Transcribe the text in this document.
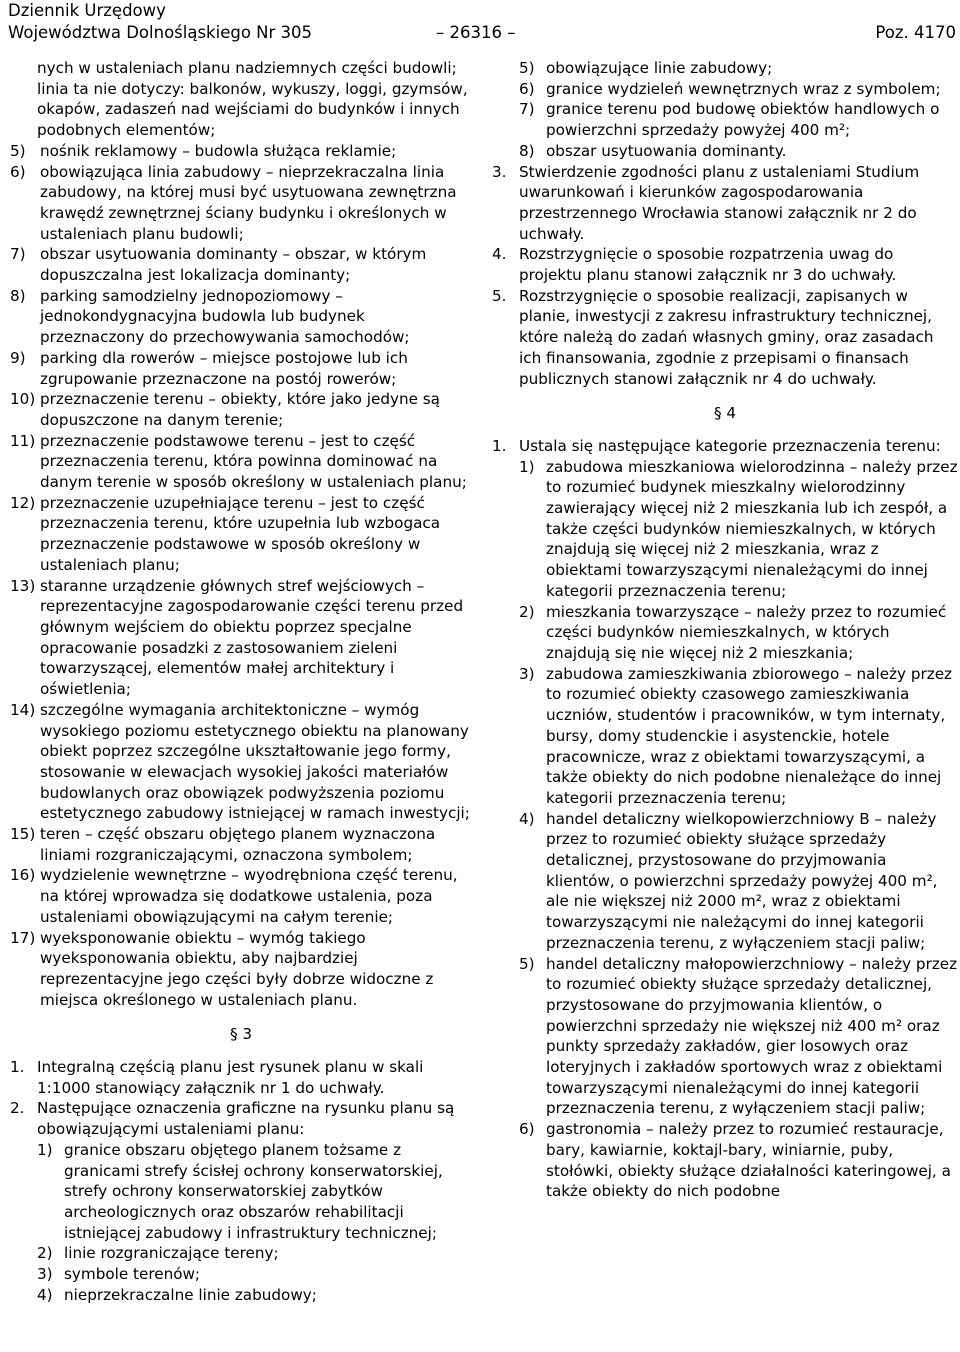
Dziennik Urzędowy
Województwa Dolnośląskiego Nr 305	Poz. 4170
– 26316 –

nych w ustaleniach planu nadziemnych części budowli; linia ta nie dotyczy: balkonów, wykuszy, loggi, gzymsów, okapów, zadaszeń nad wejściami do budynków i innych podobnych elementów;

5) nośnik reklamowy – budowla służąca reklamie;
6) obowiązująca linia zabudowy – nieprzekraczalna linia zabudowy, na której musi być usytuowana zewnętrzna krawędź zewnętrznej ściany budynku i określonych w ustaleniach planu budowli;
7) obszar usytuowania dominanty – obszar, w którym dopuszczalna jest lokalizacja dominanty;
8) parking samodzielny jednopoziomowy – jednokondygnacyjna budowla lub budynek przeznaczony do przechowywania samochodów;
9) parking dla rowerów – miejsce postojowe lub ich zgrupowanie przeznaczone na postój rowerów;
10) przeznaczenie terenu – obiekty, które jako jedyne są dopuszczone na danym terenie;
11) przeznaczenie podstawowe terenu – jest to część przeznaczenia terenu, która powinna dominować na danym terenie w sposób określony w ustaleniach planu;
12) przeznaczenie uzupełniające terenu – jest to część przeznaczenia terenu, które uzupełnia lub wzbogaca przeznaczenie podstawowe w sposób określony w ustaleniach planu;
13) staranne urządzenie głównych stref wejściowych – reprezentacyjne zagospodarowanie części terenu przed głównym wejściem do obiektu poprzez specjalne opracowanie posadzki z zastosowaniem zieleni towarzyszącej, elementów małej architektury i oświetlenia;
14) szczególne wymagania architektoniczne – wymóg wysokiego poziomu estetycznego obiektu na planowany obiekt poprzez szczególne ukształtowanie jego formy, stosowanie w elewacjach wysokiej jakości materiałów budowlanych oraz obowiązek podwyższenia poziomu estetycznego zabudowy istniejącej w ramach inwestycji;
15) teren – część obszaru objętego planem wyznaczona liniami rozgraniczającymi, oznaczona symbolem;
16) wydzielenie wewnętrzne – wyodrębniona część terenu, na której wprowadza się dodatkowe ustalenia, poza ustaleniami obowiązującymi na całym terenie;
17) wyeksponowanie obiektu – wymóg takiego wyeksponowania obiektu, aby najbardziej reprezentacyjne jego części były dobrze widoczne z miejsca określonego w ustaleniach planu.
§ 3
1. Integralną częścią planu jest rysunek planu w skali 1:1000 stanowiący załącznik nr 1 do uchwały.
2. Następujące oznaczenia graficzne na rysunku planu są obowiązującymi ustaleniami planu:
1) granice obszaru objętego planem tożsame z granicami strefy ścisłej ochrony konserwatorskiej, strefy ochrony konserwatorskiej zabytków archeologicznych oraz obszarów rehabilitacji istniejącej zabudowy i infrastruktury technicznej;
2) linie rozgraniczające tereny;
3) symbole terenów;
4) nieprzekraczalne linie zabudowy;
5) obowiązujące linie zabudowy;
6) granice wydzieleń wewnętrznych wraz z symbolem;
7) granice terenu pod budowę obiektów handlowych o powierzchni sprzedaży powyżej 400 m²;
8) obszar usytuowania dominanty.
3. Stwierdzenie zgodności planu z ustaleniami Studium uwarunkowań i kierunków zagospodarowania przestrzennego Wrocławia stanowi załącznik nr 2 do uchwały.
4. Rozstrzygnięcie o sposobie rozpatrzenia uwag do projektu planu stanowi załącznik nr 3 do uchwały.
5. Rozstrzygnięcie o sposobie realizacji, zapisanych w planie, inwestycji z zakresu infrastruktury technicznej, które należą do zadań własnych gminy, oraz zasadach ich finansowania, zgodnie z przepisami o finansach publicznych stanowi załącznik nr 4 do uchwały.
§ 4
1. Ustala się następujące kategorie przeznaczenia terenu:
1) zabudowa mieszkaniowa wielorodzinna – należy przez to rozumieć budynek mieszkalny wielorodzinny zawierający więcej niż 2 mieszkania lub ich zespół, a także części budynków niemieszkalnych, w których znajdują się więcej niż 2 mieszkania, wraz z obiektami towarzyszącymi nienależącymi do innej kategorii przeznaczenia terenu;
2) mieszkania towarzyszące – należy przez to rozumieć części budynków niemieszkalnych, w których znajdują się nie więcej niż 2 mieszkania;
3) zabudowa zamieszkiwania zbiorowego – należy przez to rozumieć obiekty czasowego zamieszkiwania uczniów, studentów i pracowników, w tym internaty, bursy, domy studenckie i asystenckie, hotele pracownicze, wraz z obiektami towarzyszącymi, a także obiekty do nich podobne nienależące do innej kategorii przeznaczenia terenu;
4) handel detaliczny wielkopowierzchniowy B – należy przez to rozumieć obiekty służące sprzedaży detalicznej, przystosowane do przyjmowania klientów, o powierzchni sprzedaży powyżej 400 m², ale nie większej niż 2000 m², wraz z obiektami towarzyszącymi nie należącymi do innej kategorii przeznaczenia terenu, z wyłączeniem stacji paliw;
5) handel detaliczny małopowierzchniowy – należy przez to rozumieć obiekty służące sprzedaży detalicznej, przystosowane do przyjmowania klientów, o powierzchni sprzedaży nie większej niż 400 m² oraz punkty sprzedaży zakładów, gier losowych oraz loteryjnych i zakładów sportowych wraz z obiektami towarzyszącymi nienależącymi do innej kategorii przeznaczenia terenu, z wyłączeniem stacji paliw;
6) gastronomia – należy przez to rozumieć restauracje, bary, kawiarnie, koktajl-bary, winiarnie, puby, stołówki, obiekty służące działalności kateringowej, a także obiekty do nich podobne
